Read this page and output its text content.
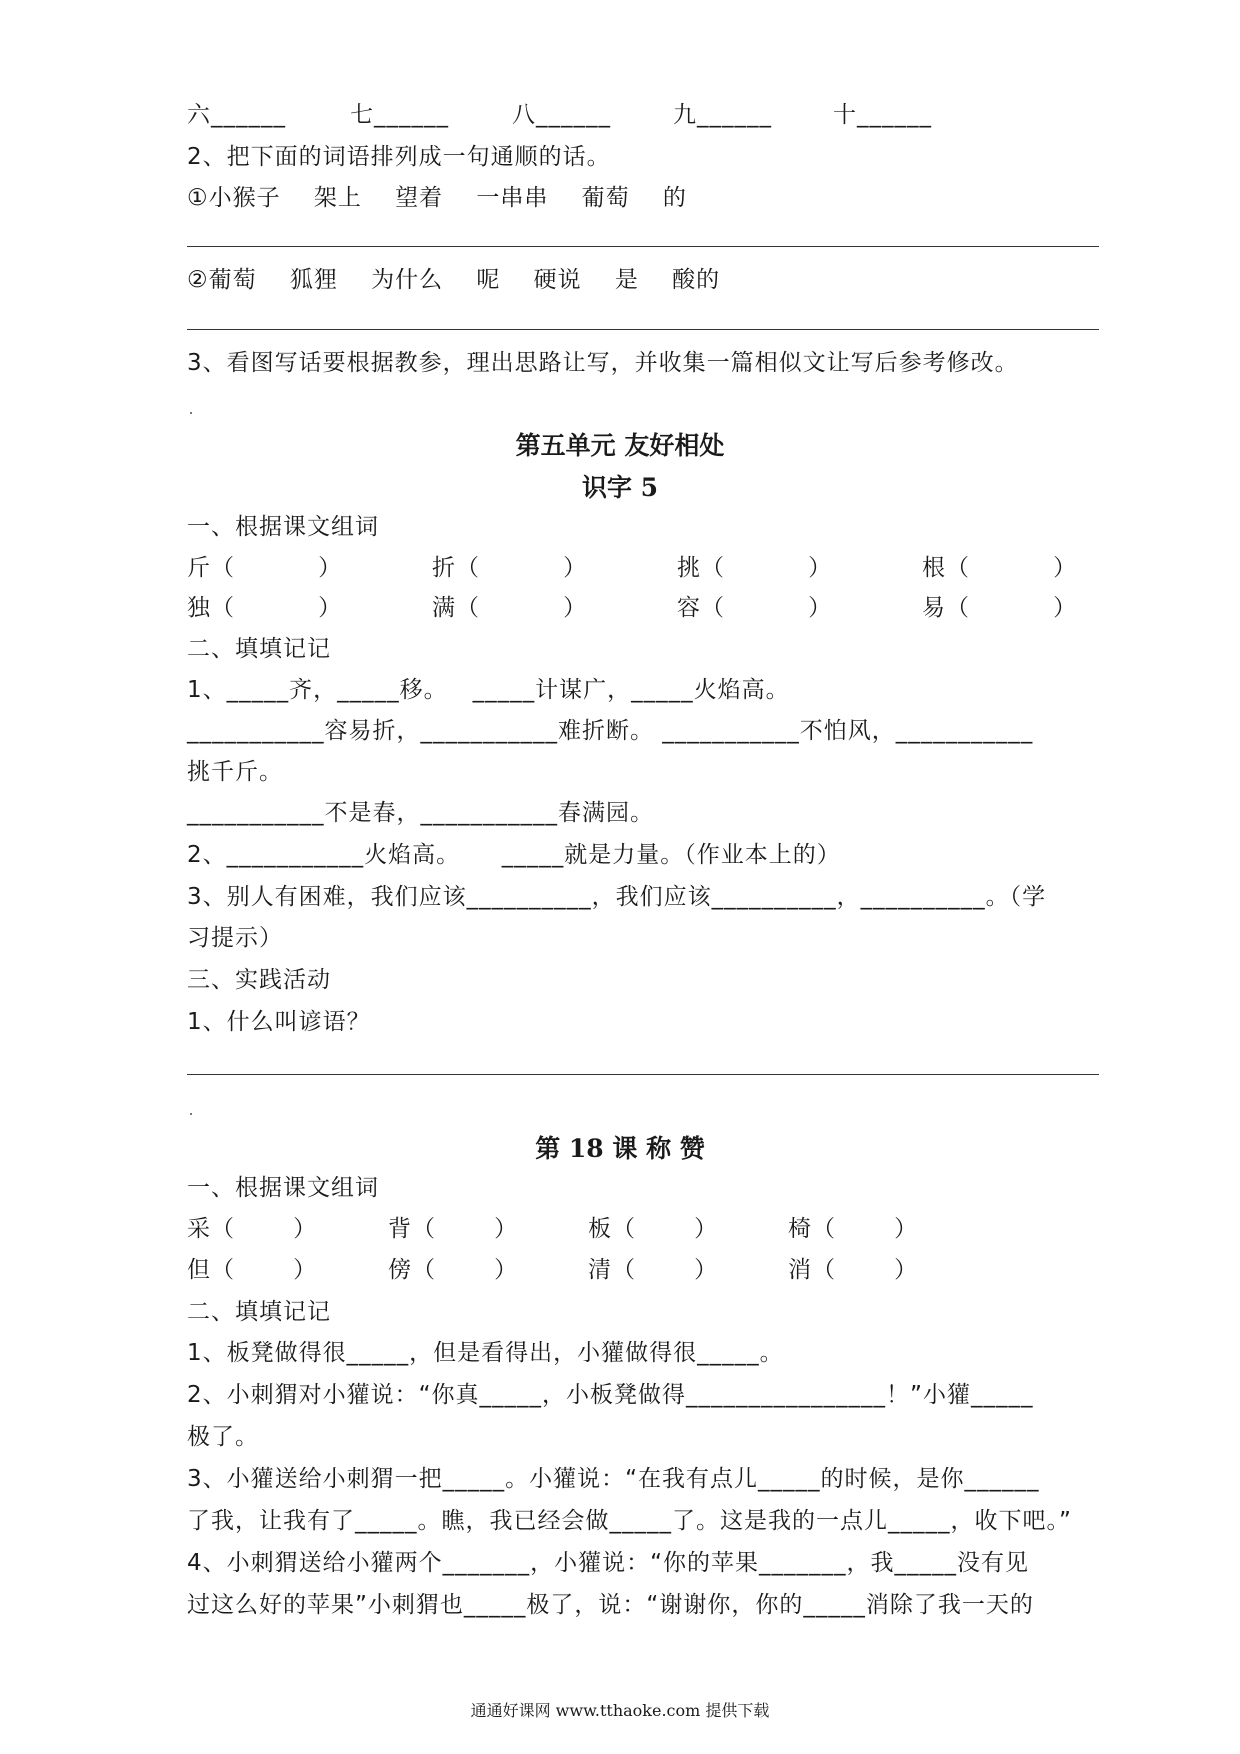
六______	七______	八______	九______	十______
2、把下面的词语排列成一句通顺的话。
①小猴子    架上    望着    一串串    葡萄    的
②葡萄    狐狸    为什么    呢    硬说    是    酸的
3、看图写话要根据教参，理出思路让写，并收集一篇相似文让写后参考修改。
第五单元 友好相处
识字 5
一、根据课文组词
斤（          ）	折（          ）	挑（          ）	根（          ）
独（          ）	满（          ）	容（          ）	易（          ）
二、填填记记
1、_____齐，_____移。   _____计谋广，_____火焰高。
___________容易折，___________难折断。 ___________不怕风，___________
挑千斤。
___________不是春，___________春满园。
2、___________火焰高。     _____就是力量。（作业本上的）
3、别人有困难，我们应该__________，我们应该__________，__________。（学
习提示）
三、实践活动
1、什么叫谚语？
第 18 课 称 赞
一、根据课文组词
采（       ）	背（       ）	板（       ）	椅（       ）
但（       ）	傍（       ）	清（       ）	消（       ）
二、填填记记
1、板凳做得很_____，但是看得出，小獾做得很_____。
2、小刺猬对小獾说：“你真_____，小板凳做得________________！”小獾_____
极了。
3、小獾送给小刺猬一把_____。小獾说：“在我有点儿_____的时候，是你______
了我，让我有了_____。瞧，我已经会做_____了。这是我的一点儿_____，收下吧。”
4、小刺猬送给小獾两个_______，小獾说：“你的苹果_______，我_____没有见
过这么好的苹果”小刺猬也_____极了，说：“谢谢你，你的_____消除了我一天的
通通好课网 www.tthaoke.com 提供下载
